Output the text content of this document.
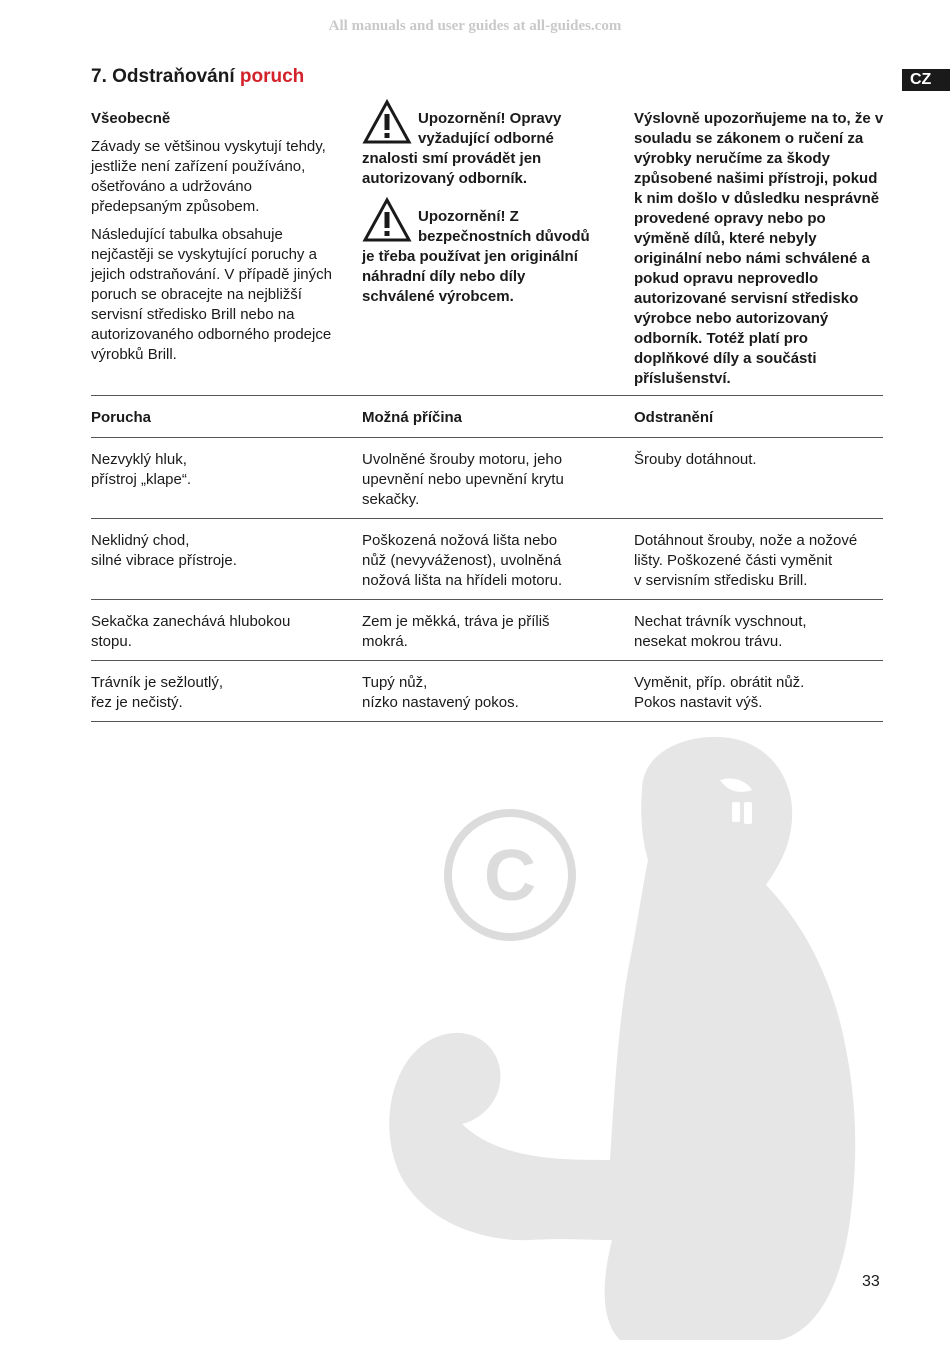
All manuals and user guides at all-guides.com
CZ
7. Odstraňování poruch
Všeobecně

Závady se většinou vyskytují tehdy, jestliže není zařízení používáno, ošetřováno a udržováno předepsaným způsobem.

Následující tabulka obsahuje nejčastěji se vyskytující poruchy a jejich odstraňování. V případě jiných poruch se obracejte na nejbližší servisní středisko Brill nebo na autorizovaného odborného prodejce výrobků Brill.

Upozornění! Opravy vyžadující odborné znalosti smí provádět jen autorizovaný odborník.
Upozornění! Z bezpečnostních důvodů je třeba používat jen originální náhradní díly nebo díly schválené výrobcem.

Výslovně upozorňujeme na to, že v souladu se zákonem o ručení za výrobky neručíme za škody způsobené našimi přístroji, pokud k nim došlo v důsledku nesprávně provedené opravy nebo po výměně dílů, které nebyly originální nebo námi schválené a pokud opravu neprovedlo autorizované servisní středisko výrobce nebo autorizovaný odborník. Totéž platí pro doplňkové díly a součásti příslušenství.

Porucha	Možná příčina	Odstranění
Nezvyklý hluk,
přístroj „klape“.
Uvolněné šrouby motoru, jeho
upevnění nebo upevnění krytu
sekačky.
Šrouby dotáhnout.
Neklidný chod,
silné vibrace přístroje.
Poškozená nožová lišta nebo
nůž (nevyváženost), uvolněná
nožová lišta na hřídeli motoru.
Dotáhnout šrouby, nože a nožové
lišty. Poškozené části vyměnit
v servisním středisku Brill.
Sekačka zanechává hlubokou
stopu.
Zem je měkká, tráva je příliš
mokrá.
Nechat trávník vyschnout,
nesekat mokrou trávu.
Trávník je sežloutlý,
řez je nečistý.
Tupý nůž,
nízko nastavený pokos.
Vyměnit, příp. obrátit nůž.
Pokos nastavit výš.
C
33
